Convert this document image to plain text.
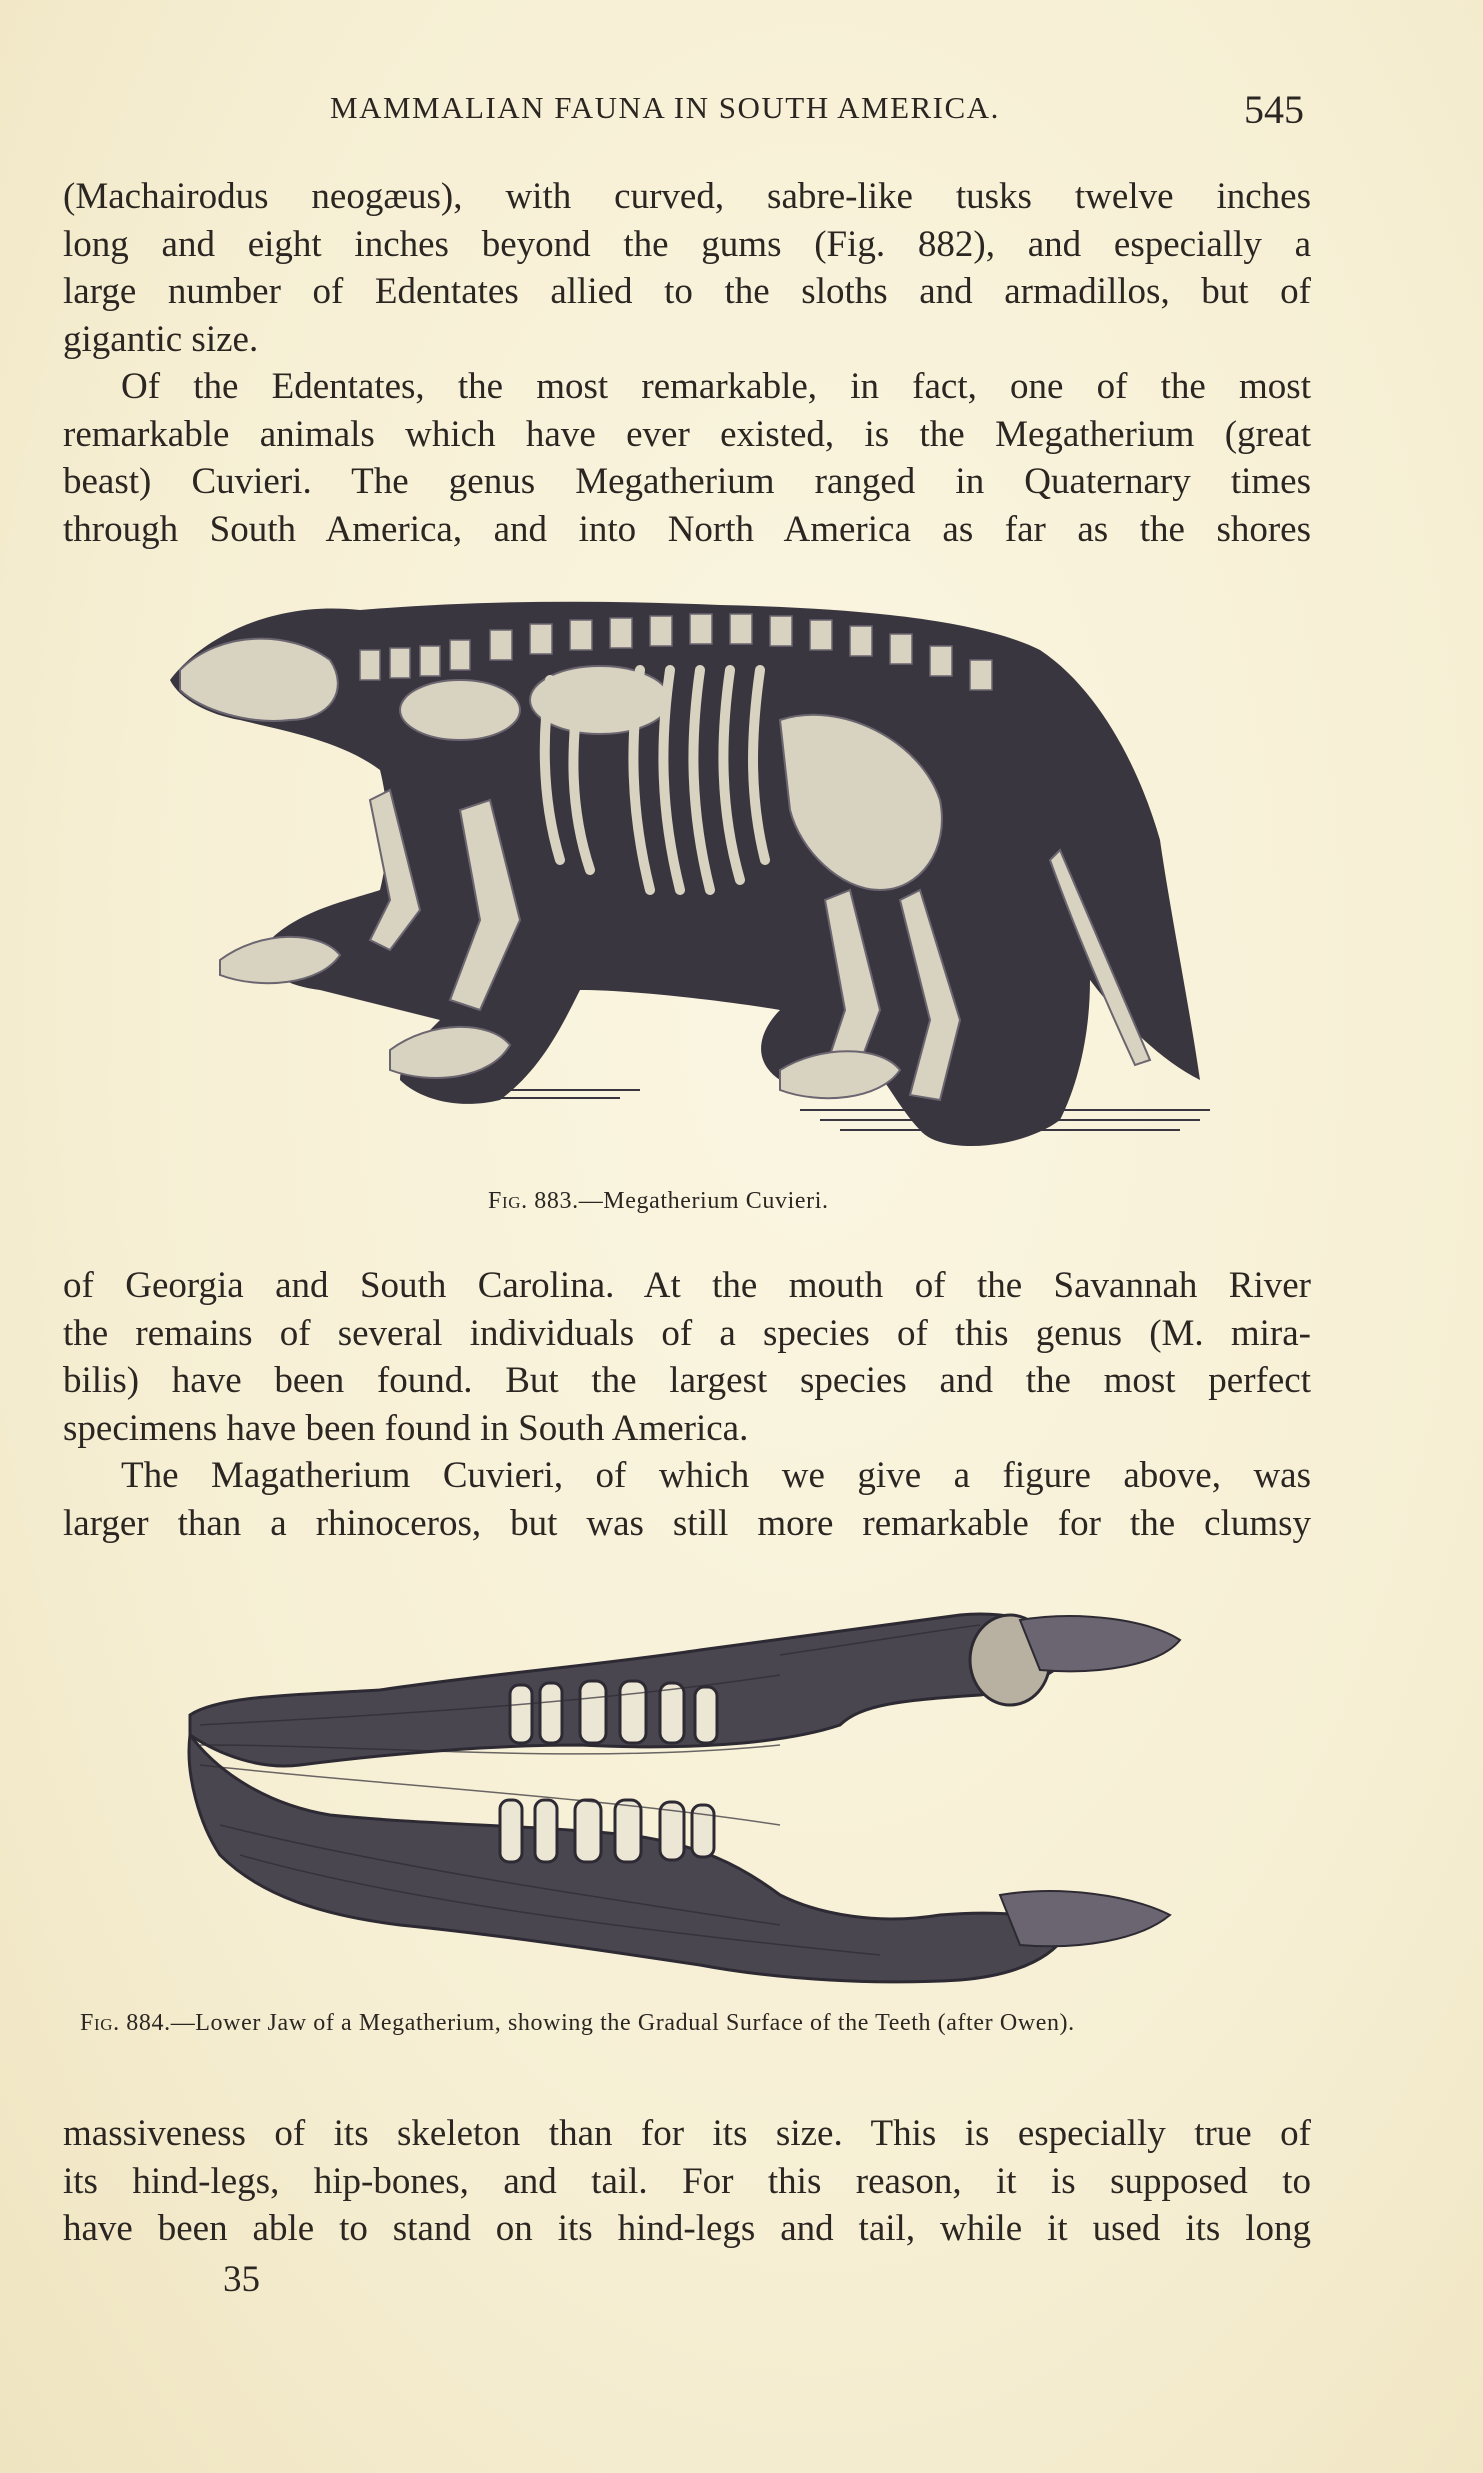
MAMMALIAN FAUNA IN SOUTH AMERICA.	545
(Machairodus neogæus), with curved, sabre-like tusks twelve inches
long and eight inches beyond the gums (Fig. 882), and especially a
large number of Edentates allied to the sloths and armadillos, but of
gigantic size.
Of the Edentates, the most remarkable, in fact, one of the most
remarkable animals which have ever existed, is the Megatherium (great
beast) Cuvieri. The genus Megatherium ranged in Quaternary times
through South America, and into North America as far as the shores
Fig. 883.—Megatherium Cuvieri.
of Georgia and South Carolina. At the mouth of the Savannah River
the remains of several individuals of a species of this genus (M. mira-
bilis) have been found. But the largest species and the most perfect
specimens have been found in South America.
The Magatherium Cuvieri, of which we give a figure above, was
larger than a rhinoceros, but was still more remarkable for the clumsy
Fig. 884.—Lower Jaw of a Megatherium, showing the Gradual Surface of the Teeth (after Owen).
massiveness of its skeleton than for its size. This is especially true of
its hind-legs, hip-bones, and tail. For this reason, it is supposed to
have been able to stand on its hind-legs and tail, while it used its long
35
